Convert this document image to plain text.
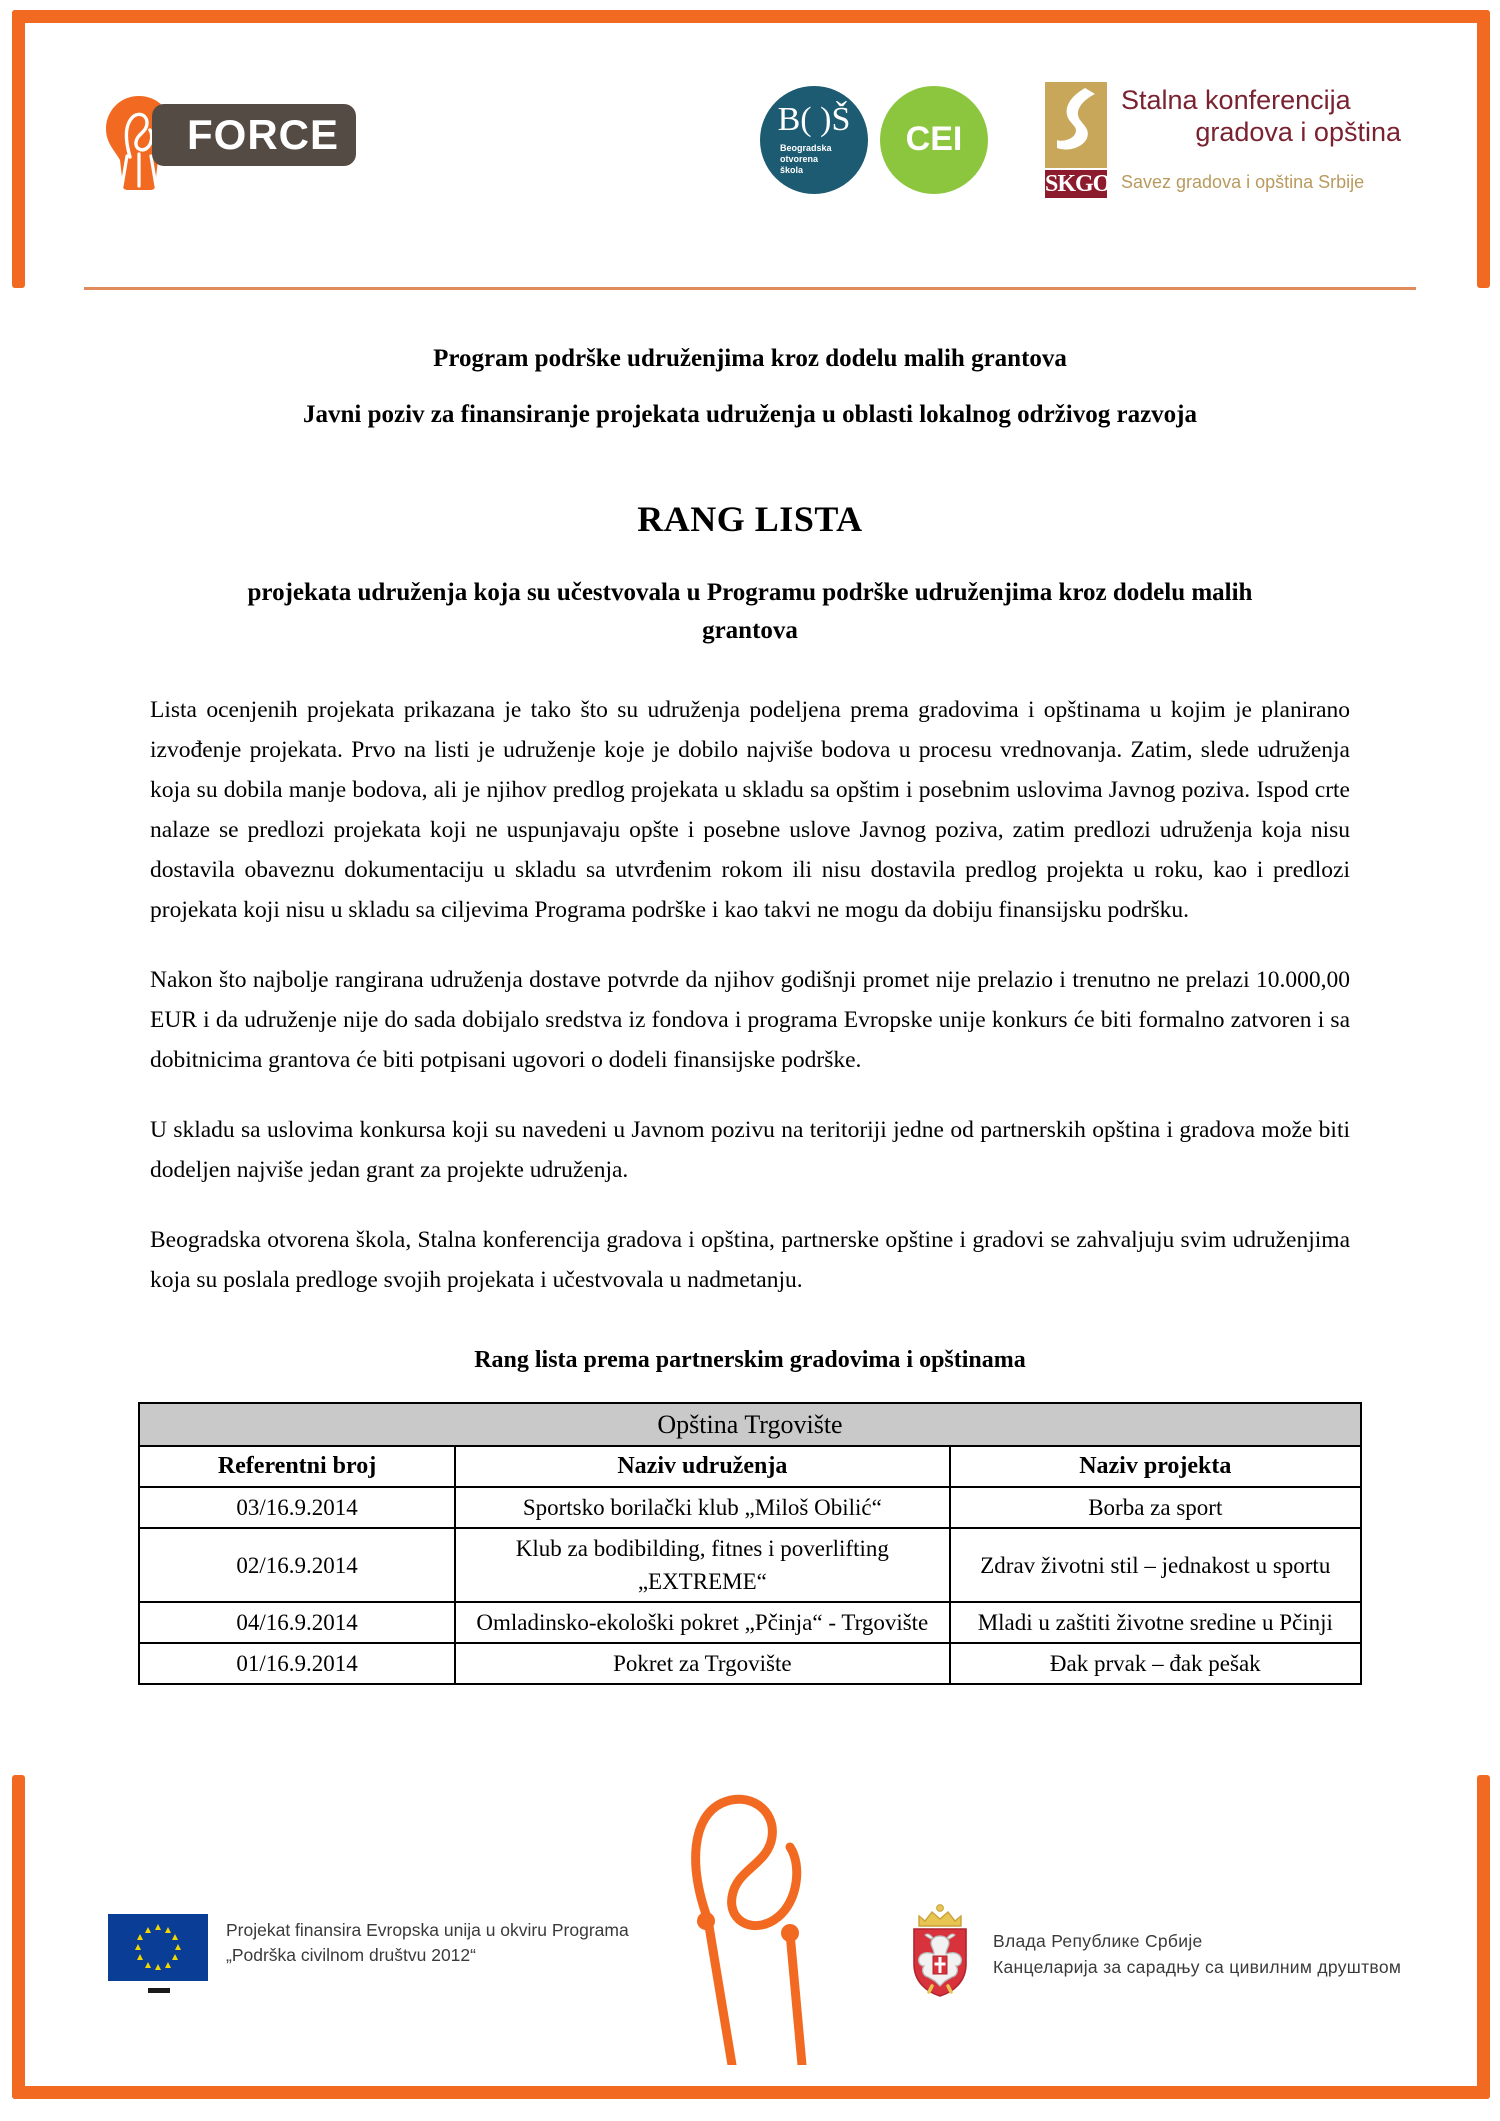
FORCE	B( )Š
Beogradska
otvorena
škola
CEI
SKGO
Stalna konferencija
gradova i opština
Savez gradova i opština Srbije
Program podrške udruženjima kroz dodelu malih grantova
Javni poziv za finansiranje projekata udruženja u oblasti lokalnog održivog razvoja
RANG LISTA
projekata udruženja koja su učestvovala u Programu podrške udruženjima kroz dodelu malih grantova
Lista ocenjenih projekata prikazana je tako što su udruženja podeljena prema gradovima i opštinama u kojim je planirano izvođenje projekata. Prvo na listi je udruženje koje je dobilo najviše bodova u procesu vrednovanja. Zatim, slede udruženja koja su dobila manje bodova, ali je njihov predlog projekata u skladu sa opštim i posebnim uslovima Javnog poziva. Ispod crte nalaze se predlozi projekata koji ne uspunjavaju opšte i posebne uslove Javnog poziva, zatim predlozi udruženja koja nisu dostavila obaveznu dokumentaciju u skladu sa utvrđenim rokom ili nisu dostavila predlog projekta u roku, kao i predlozi projekata koji nisu u skladu sa ciljevima Programa podrške i kao takvi ne mogu da dobiju finansijsku podršku.
Nakon što najbolje rangirana udruženja dostave potvrde da njihov godišnji promet nije prelazio i trenutno ne prelazi 10.000,00 EUR i da udruženje nije do sada dobijalo sredstva iz fondova i programa Evropske unije konkurs će biti formalno zatvoren i sa dobitnicima grantova će biti potpisani ugovori o dodeli finansijske podrške.
U skladu sa uslovima konkursa koji su navedeni u Javnom pozivu na teritoriji jedne od partnerskih opština i gradova može biti dodeljen najviše jedan grant za projekte udruženja.
Beogradska otvorena škola, Stalna konferencija gradova i opština, partnerske opštine i gradovi se zahvaljuju svim udruženjima koja su poslala predloge svojih projekata i učestvovala u nadmetanju.
Rang lista prema partnerskim gradovima i opštinama
Opština Trgovište		
Referentni broj	Naziv udruženja	Naziv projekta
03/16.9.2014	Sportsko borilački klub „Miloš Obilić“	Borba za sport
02/16.9.2014	Klub za bodibilding, fitnes i poverlifting „EXTREME“	Zdrav životni stil – jednakost u sportu
04/16.9.2014	Omladinsko-ekološki pokret „Pčinja“ - Trgovište	Mladi u zaštiti životne sredine u Pčinji
01/16.9.2014	Pokret za Trgovište	Đak prvak – đak pešak
Projekat finansira Evropska unija u okviru Programa
„Podrška civilnom društvu 2012“
Влада Републике Србије
Канцеларија за сарадњу са цивилним друштвом
